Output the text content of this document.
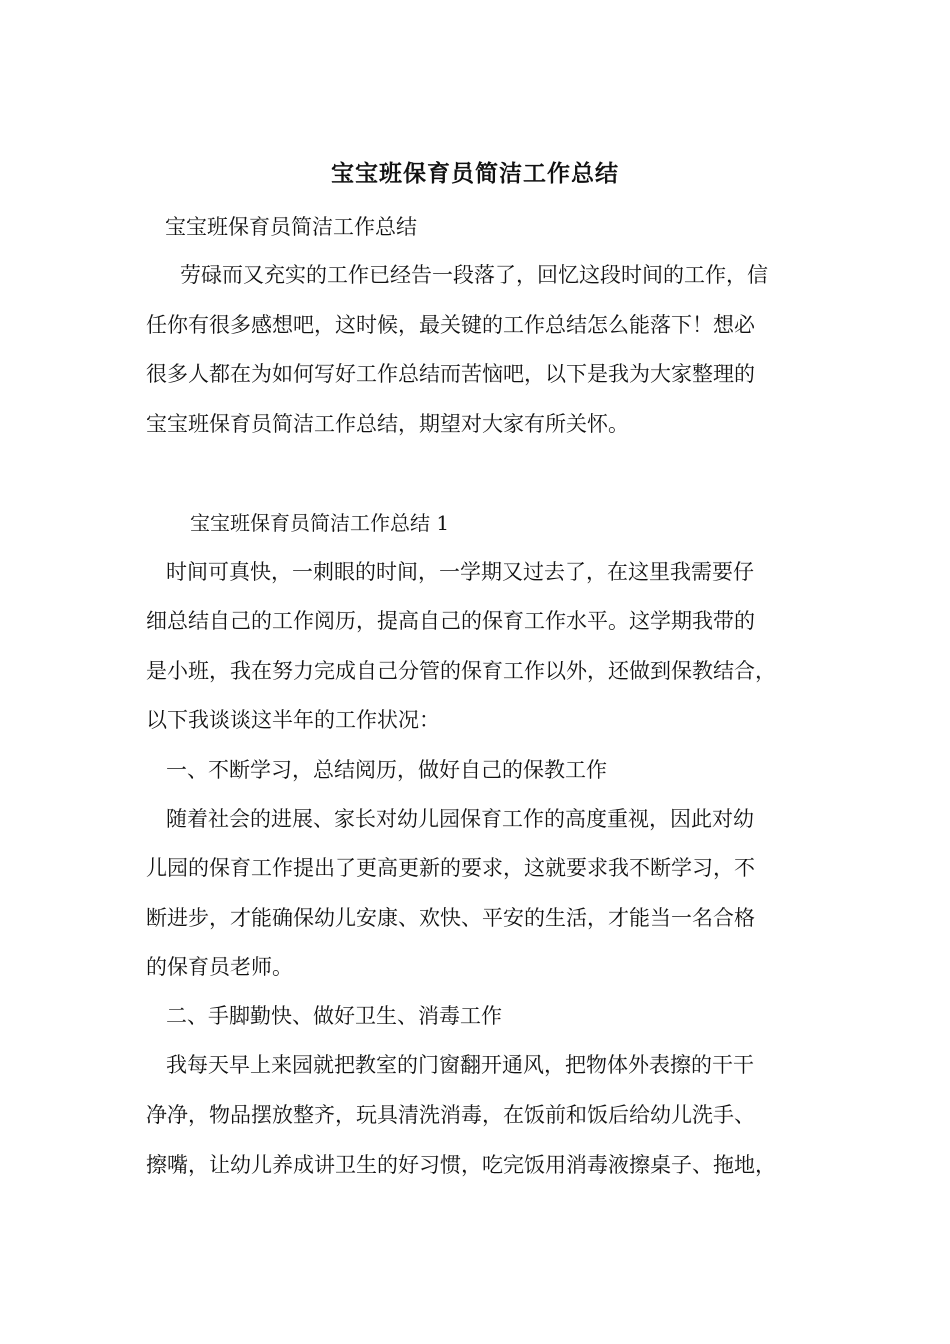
宝宝班保育员简洁工作总结

宝宝班保育员简洁工作总结

劳碌而又充实的工作已经告一段落了，回忆这段时间的工作，信

任你有很多感想吧，这时候，最关键的工作总结怎么能落下！想必

很多人都在为如何写好工作总结而苦恼吧，以下是我为大家整理的

宝宝班保育员简洁工作总结，期望对大家有所关怀。

宝宝班保育员简洁工作总结 1

时间可真快，一刺眼的时间，一学期又过去了，在这里我需要仔

细总结自己的工作阅历，提高自己的保育工作水平。这学期我带的

是小班，我在努力完成自己分管的保育工作以外，还做到保教结合，

以下我谈谈这半年的工作状况：

一、不断学习，总结阅历，做好自己的保教工作

随着社会的进展、家长对幼儿园保育工作的高度重视，因此对幼

儿园的保育工作提出了更高更新的要求，这就要求我不断学习，不

断进步，才能确保幼儿安康、欢快、平安的生活，才能当一名合格

的保育员老师。

二、手脚勤快、做好卫生、消毒工作

我每天早上来园就把教室的门窗翻开通风，把物体外表擦的干干

净净，物品摆放整齐，玩具清洗消毒，在饭前和饭后给幼儿洗手、

擦嘴，让幼儿养成讲卫生的好习惯，吃完饭用消毒液擦桌子、拖地，
